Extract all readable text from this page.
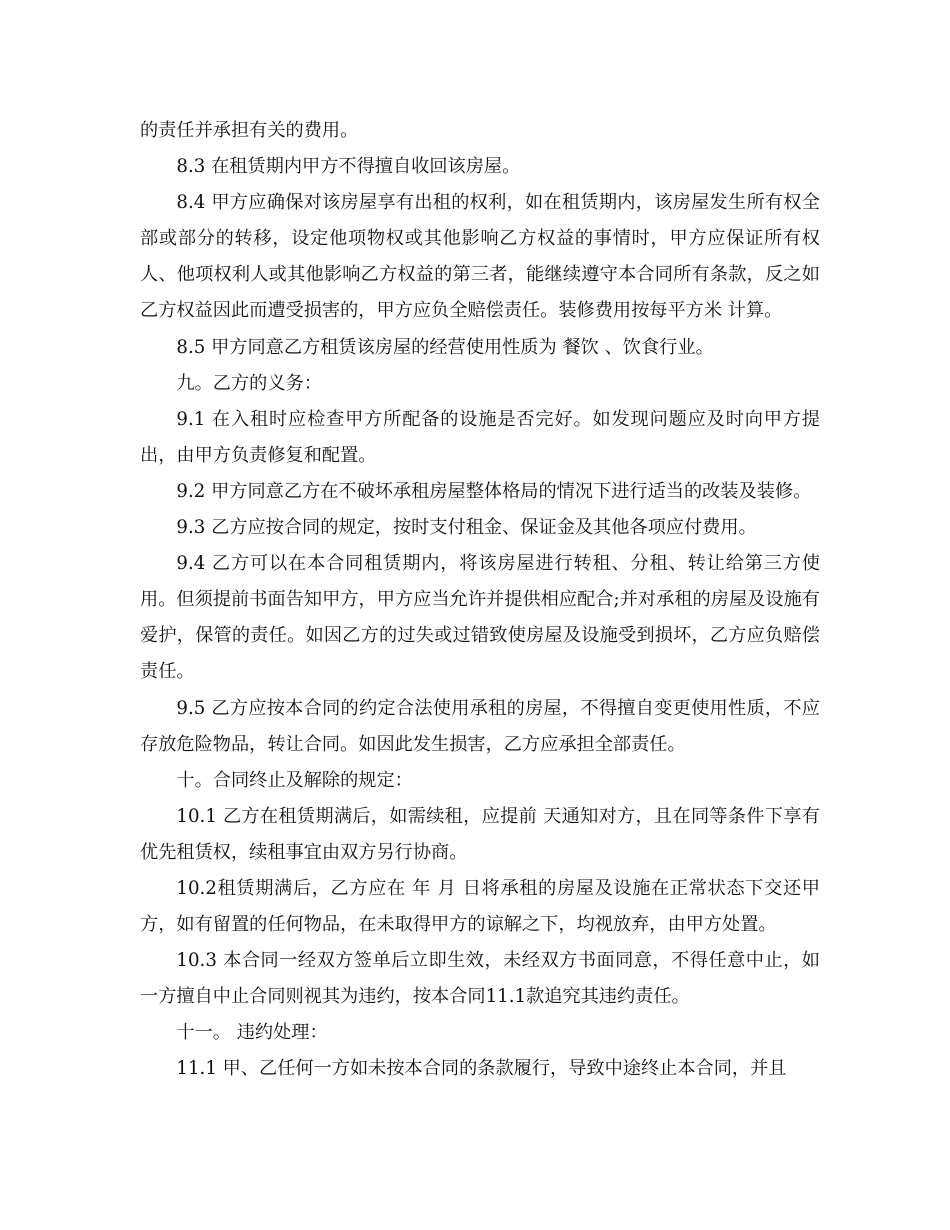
的责任并承担有关的费用。

8.3 在租赁期内甲方不得擅自收回该房屋。

8.4 甲方应确保对该房屋享有出租的权利，如在租赁期内，该房屋发生所有权全部或部分的转移，设定他项物权或其他影响乙方权益的事情时，甲方应保证所有权人、他项权利人或其他影响乙方权益的第三者，能继续遵守本合同所有条款，反之如乙方权益因此而遭受损害的，甲方应负全赔偿责任。装修费用按每平方米 计算。

8.5 甲方同意乙方租赁该房屋的经营使用性质为 餐饮 、饮食行业。

九。乙方的义务：

9.1 在入租时应检查甲方所配备的设施是否完好。如发现问题应及时向甲方提出，由甲方负责修复和配置。

9.2 甲方同意乙方在不破坏承租房屋整体格局的情况下进行适当的改装及装修。

9.3 乙方应按合同的规定，按时支付租金、保证金及其他各项应付费用。

9.4 乙方可以在本合同租赁期内，将该房屋进行转租、分租、转让给第三方使用。但须提前书面告知甲方，甲方应当允许并提供相应配合;并对承租的房屋及设施有爱护，保管的责任。如因乙方的过失或过错致使房屋及设施受到损坏，乙方应负赔偿责任。

9.5 乙方应按本合同的约定合法使用承租的房屋，不得擅自变更使用性质，不应存放危险物品，转让合同。如因此发生损害，乙方应承担全部责任。

十。合同终止及解除的规定：

10.1 乙方在租赁期满后，如需续租，应提前 天通知对方，且在同等条件下享有优先租赁权，续租事宜由双方另行协商。

10.2租赁期满后，乙方应在 年 月 日将承租的房屋及设施在正常状态下交还甲方，如有留置的任何物品，在未取得甲方的谅解之下，均视放弃，由甲方处置。

10.3 本合同一经双方签单后立即生效，未经双方书面同意，不得任意中止，如一方擅自中止合同则视其为违约，按本合同11.1款追究其违约责任。

十一。 违约处理：

11.1 甲、乙任何一方如未按本合同的条款履行，导致中途终止本合同，并且
